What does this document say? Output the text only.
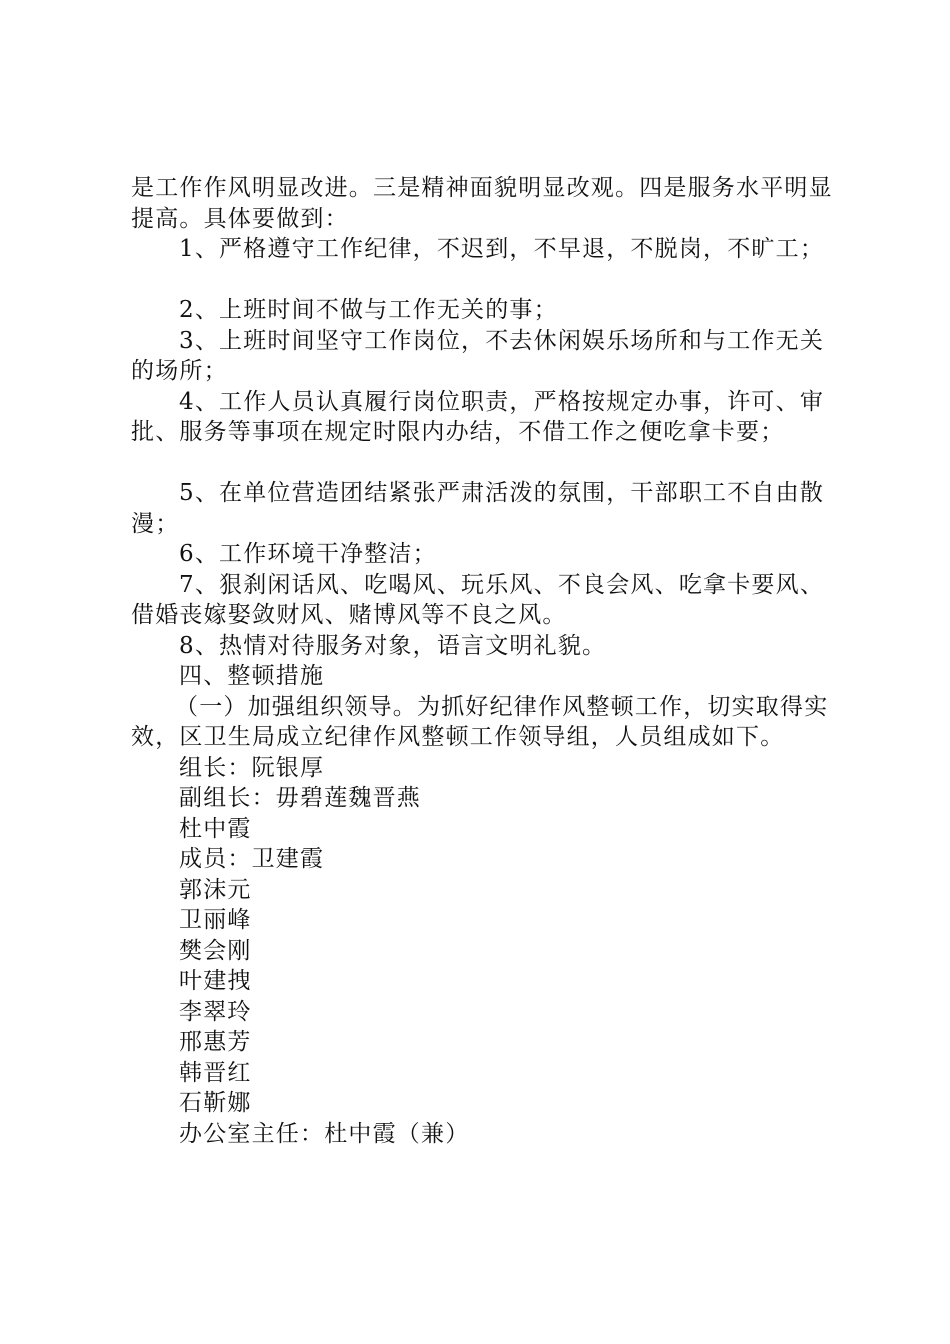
是工作作风明显改进。三是精神面貌明显改观。四是服务水平明显提高。具体要做到：

1、严格遵守工作纪律，不迟到，不早退，不脱岗，不旷工；

2、上班时间不做与工作无关的事；

3、上班时间坚守工作岗位，不去休闲娱乐场所和与工作无关的场所；

4、工作人员认真履行岗位职责，严格按规定办事，许可、审批、服务等事项在规定时限内办结，不借工作之便吃拿卡要；

5、在单位营造团结紧张严肃活泼的氛围，干部职工不自由散漫；

6、工作环境干净整洁；

7、狠刹闲话风、吃喝风、玩乐风、不良会风、吃拿卡要风、借婚丧嫁娶敛财风、赌博风等不良之风。

8、热情对待服务对象，语言文明礼貌。

四、整顿措施

（一）加强组织领导。为抓好纪律作风整顿工作，切实取得实效，区卫生局成立纪律作风整顿工作领导组，人员组成如下。

组长：阮银厚

副组长：毋碧莲魏晋燕

杜中霞

成员：卫建霞

郭沫元

卫丽峰

樊会刚

叶建拽

李翠玲

邢惠芳

韩晋红

石靳娜

办公室主任：杜中霞（兼）
